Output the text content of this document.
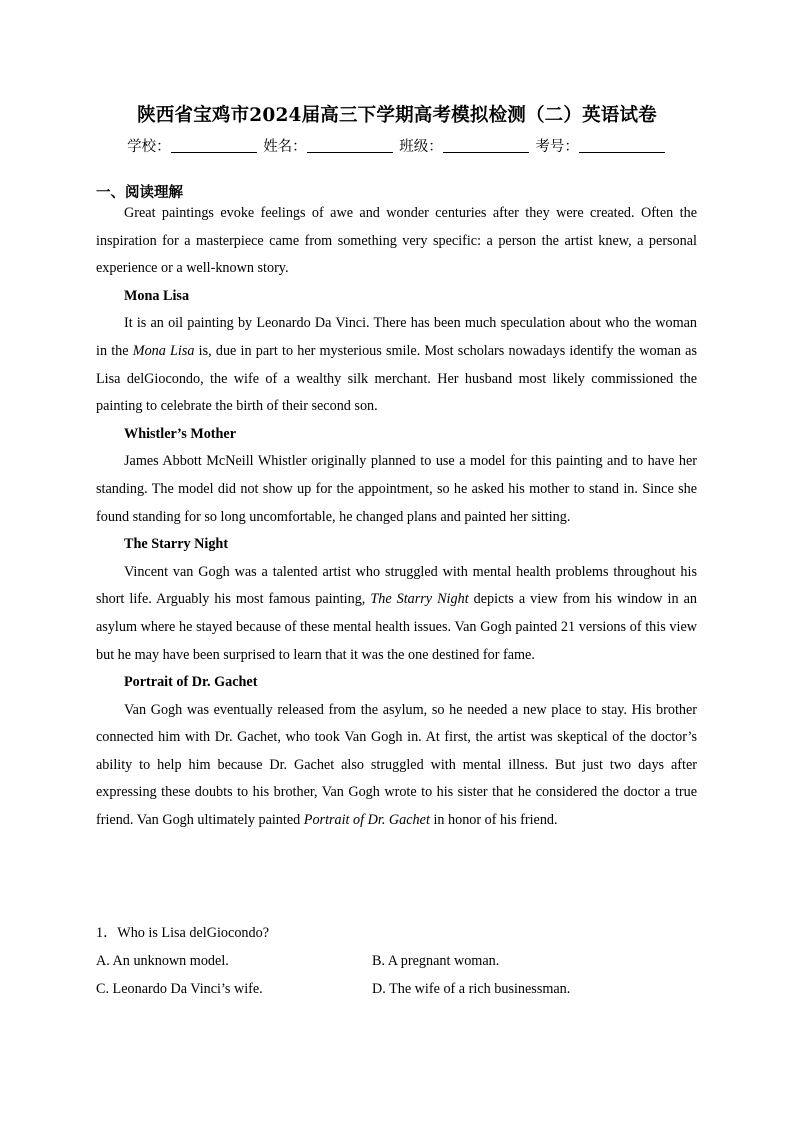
陕西省宝鸡市2024届高三下学期高考模拟检测（二）英语试卷
学校：	姓名：	班级：	考号：
一、阅读理解

Great paintings evoke feelings of awe and wonder centuries after they were created. Often the inspiration for a masterpiece came from something very specific: a person the artist knew, a personal experience or a well-known story.

Mona Lisa

It is an oil painting by Leonardo Da Vinci. There has been much speculation about who the woman in the Mona Lisa is, due in part to her mysterious smile. Most scholars nowadays identify the woman as Lisa delGiocondo, the wife of a wealthy silk merchant. Her husband most likely commissioned the painting to celebrate the birth of their second son.

Whistler’s Mother

James Abbott McNeill Whistler originally planned to use a model for this painting and to have her standing. The model did not show up for the appointment, so he asked his mother to stand in. Since she found standing for so long uncomfortable, he changed plans and painted her sitting.

The Starry Night

Vincent van Gogh was a talented artist who struggled with mental health problems throughout his short life. Arguably his most famous painting, The Starry Night depicts a view from his window in an asylum where he stayed because of these mental health issues. Van Gogh painted 21 versions of this view but he may have been surprised to learn that it was the one destined for fame.

Portrait of Dr. Gachet

Van Gogh was eventually released from the asylum, so he needed a new place to stay. His brother connected him with Dr. Gachet, who took Van Gogh in. At first, the artist was skeptical of the doctor’s ability to help him because Dr. Gachet also struggled with mental illness. But just two days after expressing these doubts to his brother, Van Gogh wrote to his sister that he considered the doctor a true friend. Van Gogh ultimately painted Portrait of Dr. Gachet in honor of his friend.

1．Who is Lisa delGiocondo?
A. An unknown model.	B. A pregnant woman.
C. Leonardo Da Vinci’s wife.	D. The wife of a rich businessman.
